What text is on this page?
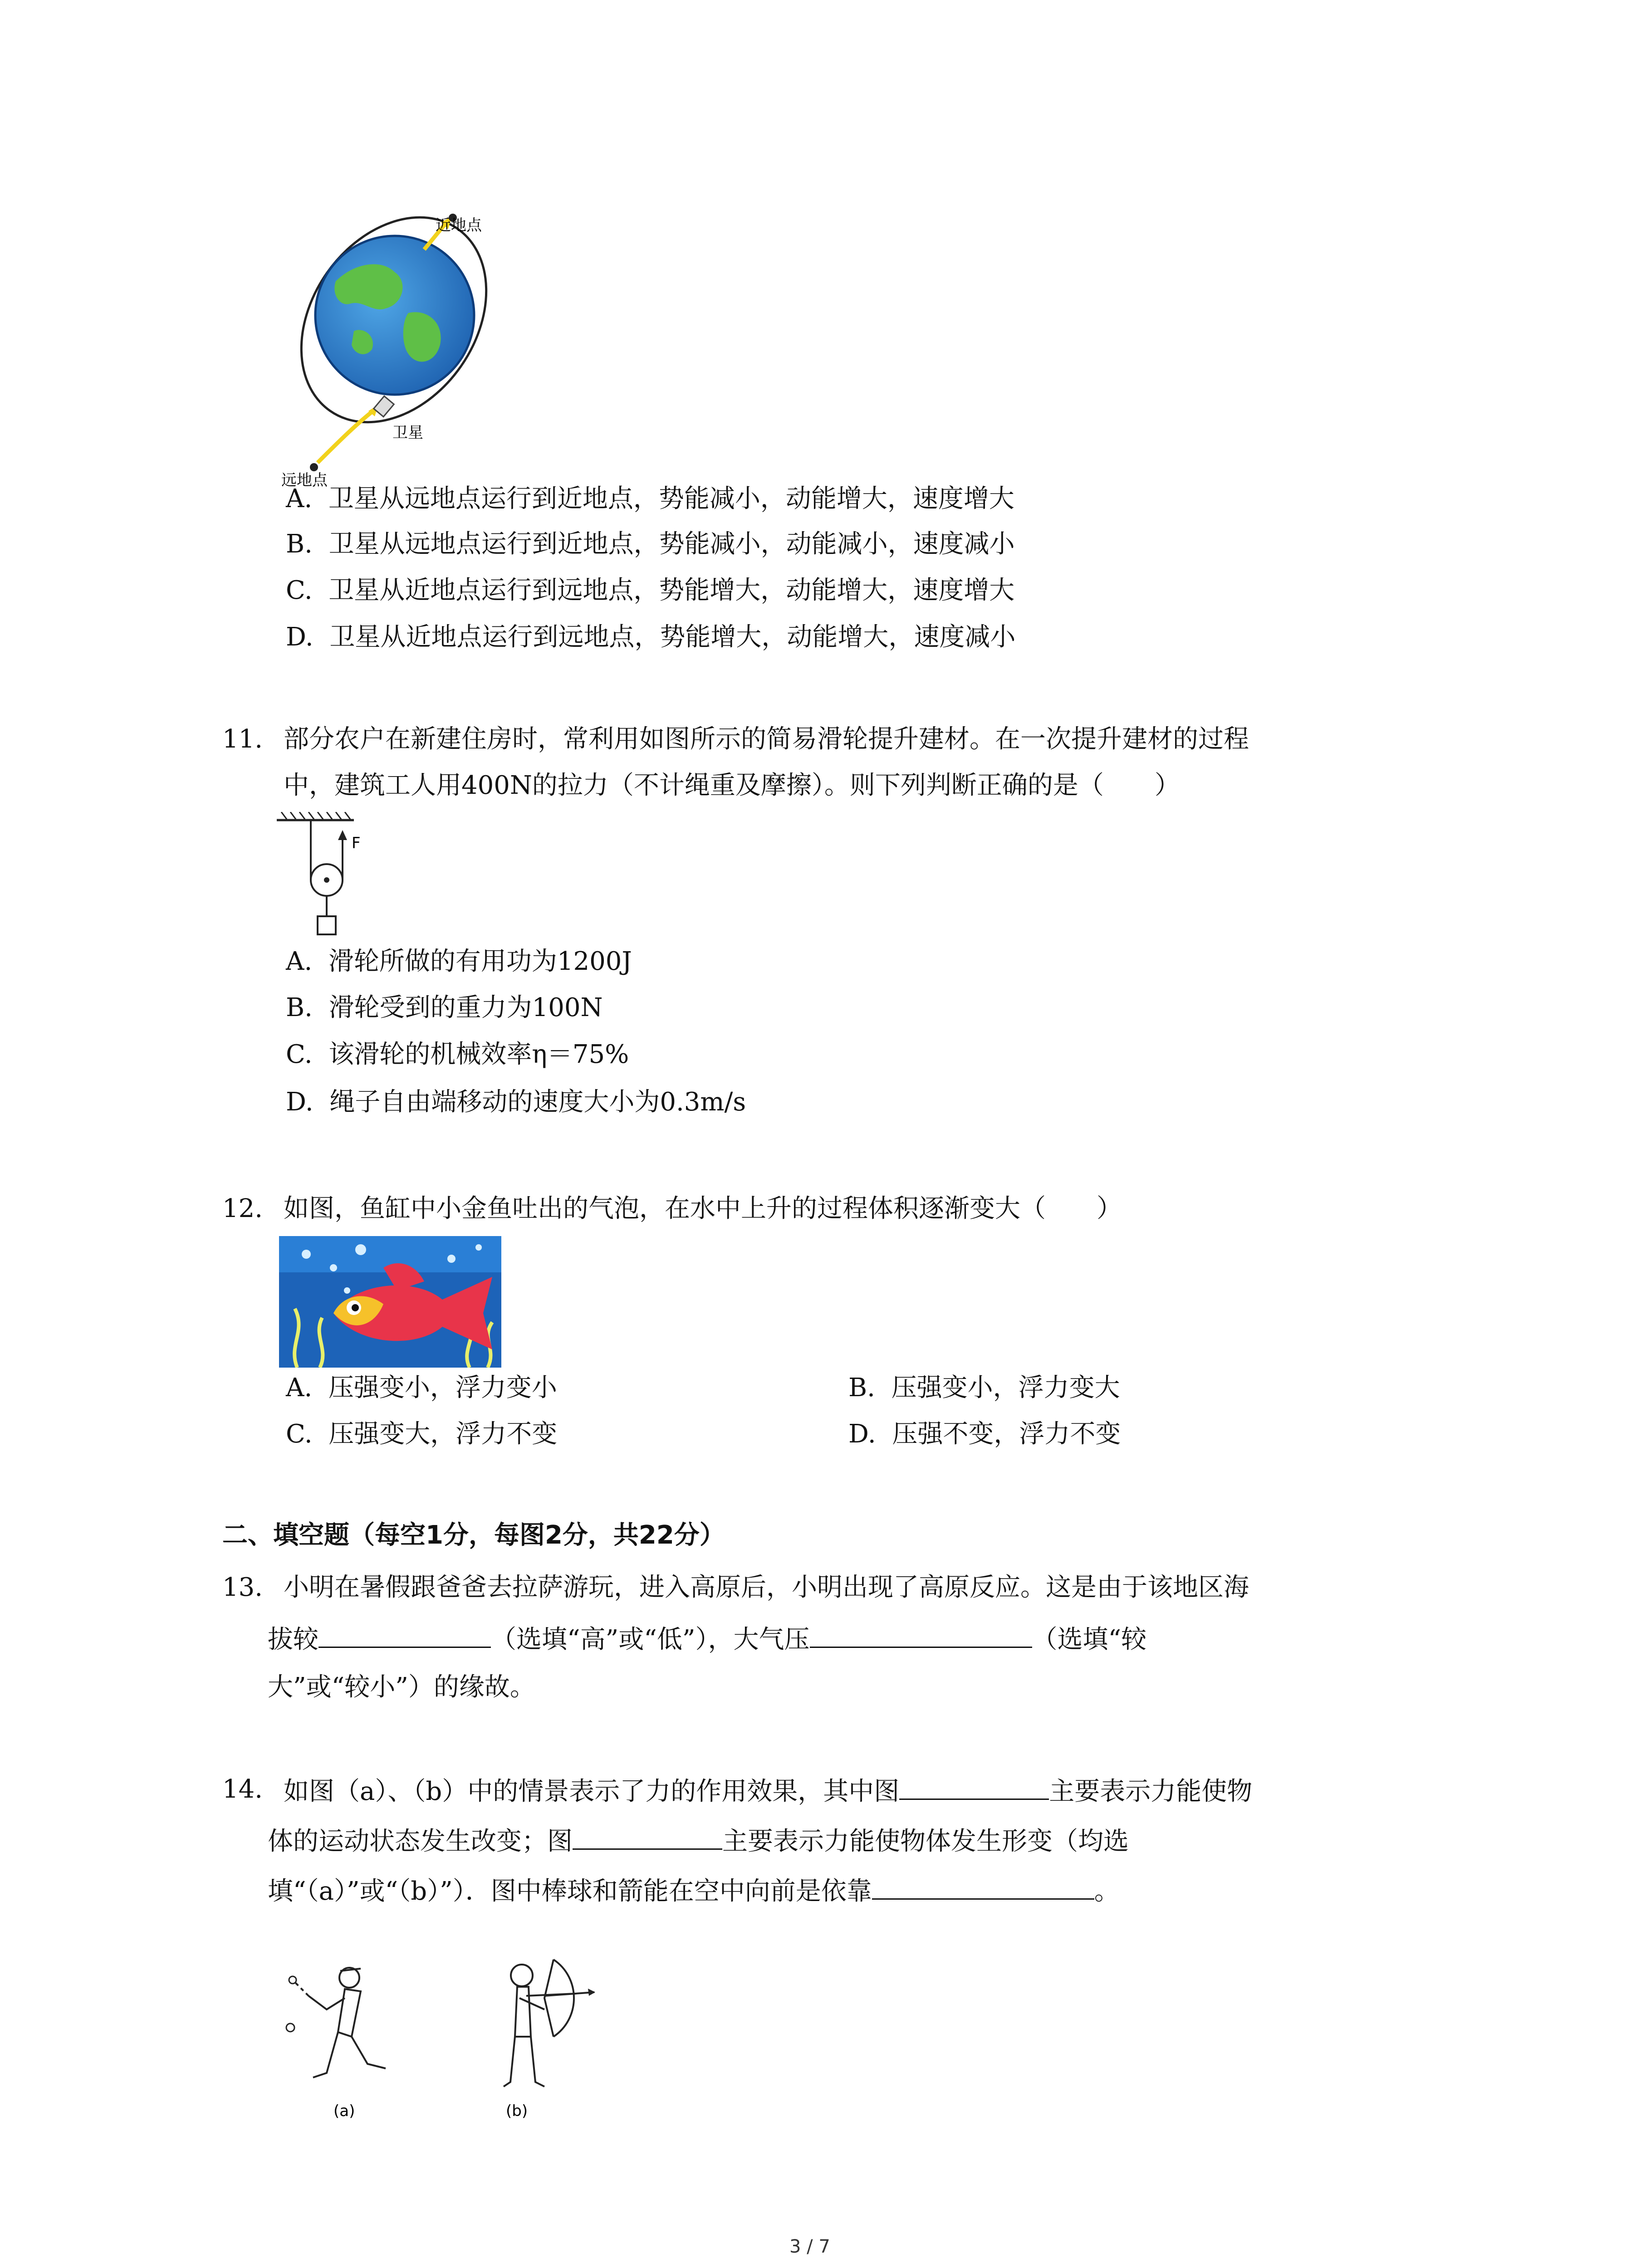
近地点
卫星
远地点
A. 卫星从远地点运行到近地点，势能减小，动能增大，速度增大
B. 卫星从远地点运行到近地点，势能减小，动能减小，速度减小
C. 卫星从近地点运行到远地点，势能增大，动能增大，速度增大
D. 卫星从近地点运行到远地点，势能增大，动能增大，速度减小
11. 部分农户在新建住房时，常利用如图所示的简易滑轮提升建材。在一次提升建材的过程
中，建筑工人用400N的拉力（不计绳重及摩擦）。则下列判断正确的是（　　）
F
A. 滑轮所做的有用功为1200J
B. 滑轮受到的重力为100N
C. 该滑轮的机械效率η＝75%
D. 绳子自由端移动的速度大小为0.3m/s
12. 如图，鱼缸中小金鱼吐出的气泡，在水中上升的过程体积逐渐变大（　　）
A. 压强变小，浮力变小	B. 压强变小，浮力变大
C. 压强变大，浮力不变	D. 压强不变，浮力不变
二、填空题（每空1分，每图2分，共22分）
13. 小明在暑假跟爸爸去拉萨游玩，进入高原后，小明出现了高原反应。这是由于该地区海
拔较	（选填“高”或“低”），大气压	（选填“较
大”或“较小”）的缘故。
14. 如图（a）、（b）中的情景表示了力的作用效果，其中图	主要表示力能使物
体的运动状态发生改变；图	主要表示力能使物体发生形变（均选
填“（a）”或“（b）”）．图中棒球和箭能在空中向前是依靠	。
(a)	(b)
3 / 7
